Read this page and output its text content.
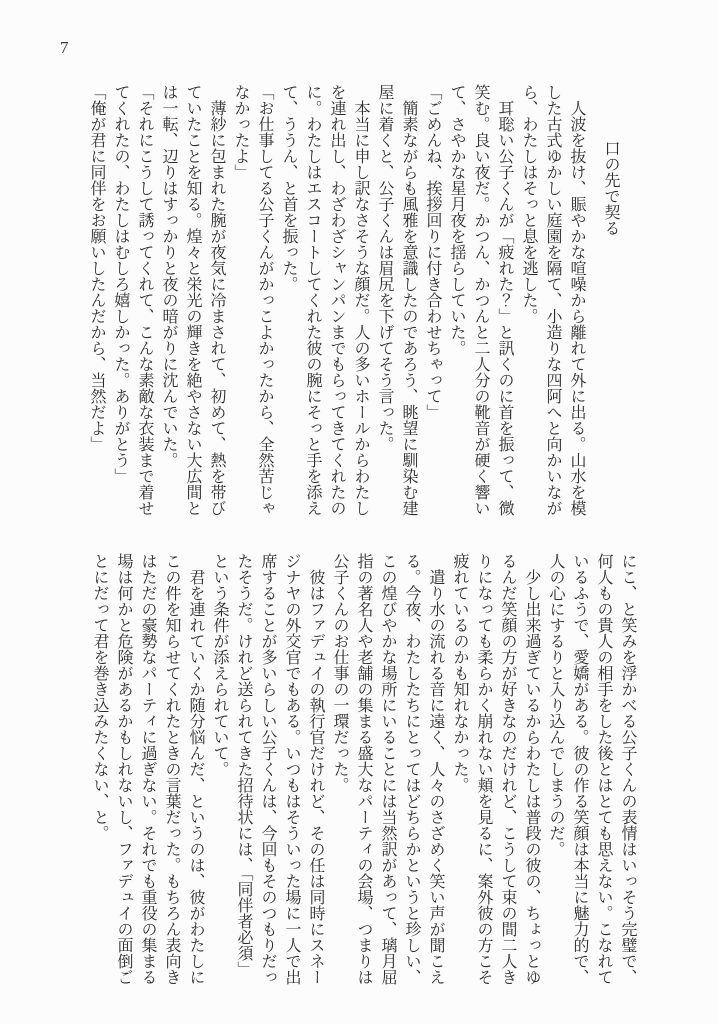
7

口の先で契る

　人波を抜け、賑やかな喧噪から離れて外に出る。山水を模

した古式ゆかしい庭園を隔て、小造りな四阿へと向かいなが

ら、わたしはそっと息を逃した。

　耳聡い公子くんが「疲れた？」と訊くのに首を振って、微

笑む。良い夜だ。かつん、かつんと二人分の靴音が硬く響い

て、さやかな星月夜を揺らしていた。

「ごめんね、挨拶回りに付き合わせちゃって」

　簡素ながらも風雅を意識したのであろう、眺望に馴染む建

屋に着くと、公子くんは眉尻を下げてそう言った。

　本当に申し訳なさそうな顔だ。人の多いホールからわたし

を連れ出し、わざわざシャンパンまでもらってきてくれたの

に。わたしはエスコートしてくれた彼の腕にそっと手を添え

て、ううん、と首を振った。

「お仕事してる公子くんがかっこよかったから、全然苦じゃ

なかったよ」

　薄紗に包まれた腕が夜気に冷まされて、初めて、熱を帯び

ていたことを知る。煌々と栄光の輝きを絶やさない大広間と

は一転、辺りはすっかりと夜の暗がりに沈んでいた。

「それにこうして誘ってくれて、こんな素敵な衣装まで着せ

てくれたの、わたしはむしろ嬉しかった。ありがとう」

「俺が君に同伴をお願いしたんだから、当然だよ」

にこ、と笑みを浮かべる公子くんの表情はいっそう完璧で、

何人もの貴人の相手をした後とはとても思えない。こなれて

いるふうで、愛嬌がある。彼の作る笑顔は本当に魅力的で、

人の心にするりと入り込んでしまうのだ。

　少し出来過ぎているからわたしは普段の彼の、ちょっとゆ

るんだ笑顔の方が好きなのだけれど、こうして束の間二人き

りになっても柔らかく崩れない頬を見るに、案外彼の方こそ

疲れているのかも知れなかった。

　遣り水の流れる音に遠く、人々のさざめく笑い声が聞こえ

る。今夜、わたしたちにとってはどちらかというと珍しい、

この煌びやかな場所にいることには当然訳があって、璃月屈

指の著名人や老舗の集まる盛大なパーティの会場、つまりは

公子くんのお仕事の一環だった。

　彼はファデュイの執行官だけれど、その任は同時にスネー

ジナヤの外交官でもある。いつもはそういった場に一人で出

席することが多いらしい公子くんは、今回もそのつもりだっ

たそうだ。けれど送られてきた招待状には、「同伴者必須」

という条件が添えられていて。

　君を連れていくか随分悩んだ、というのは、彼がわたしに

この件を知らせてくれたときの言葉だった。もちろん表向き

はただの豪勢なパーティに過ぎない。それでも重役の集まる

場は何かと危険があるかもしれないし、ファデュイの面倒ご

とにだって君を巻き込みたくない、と。
